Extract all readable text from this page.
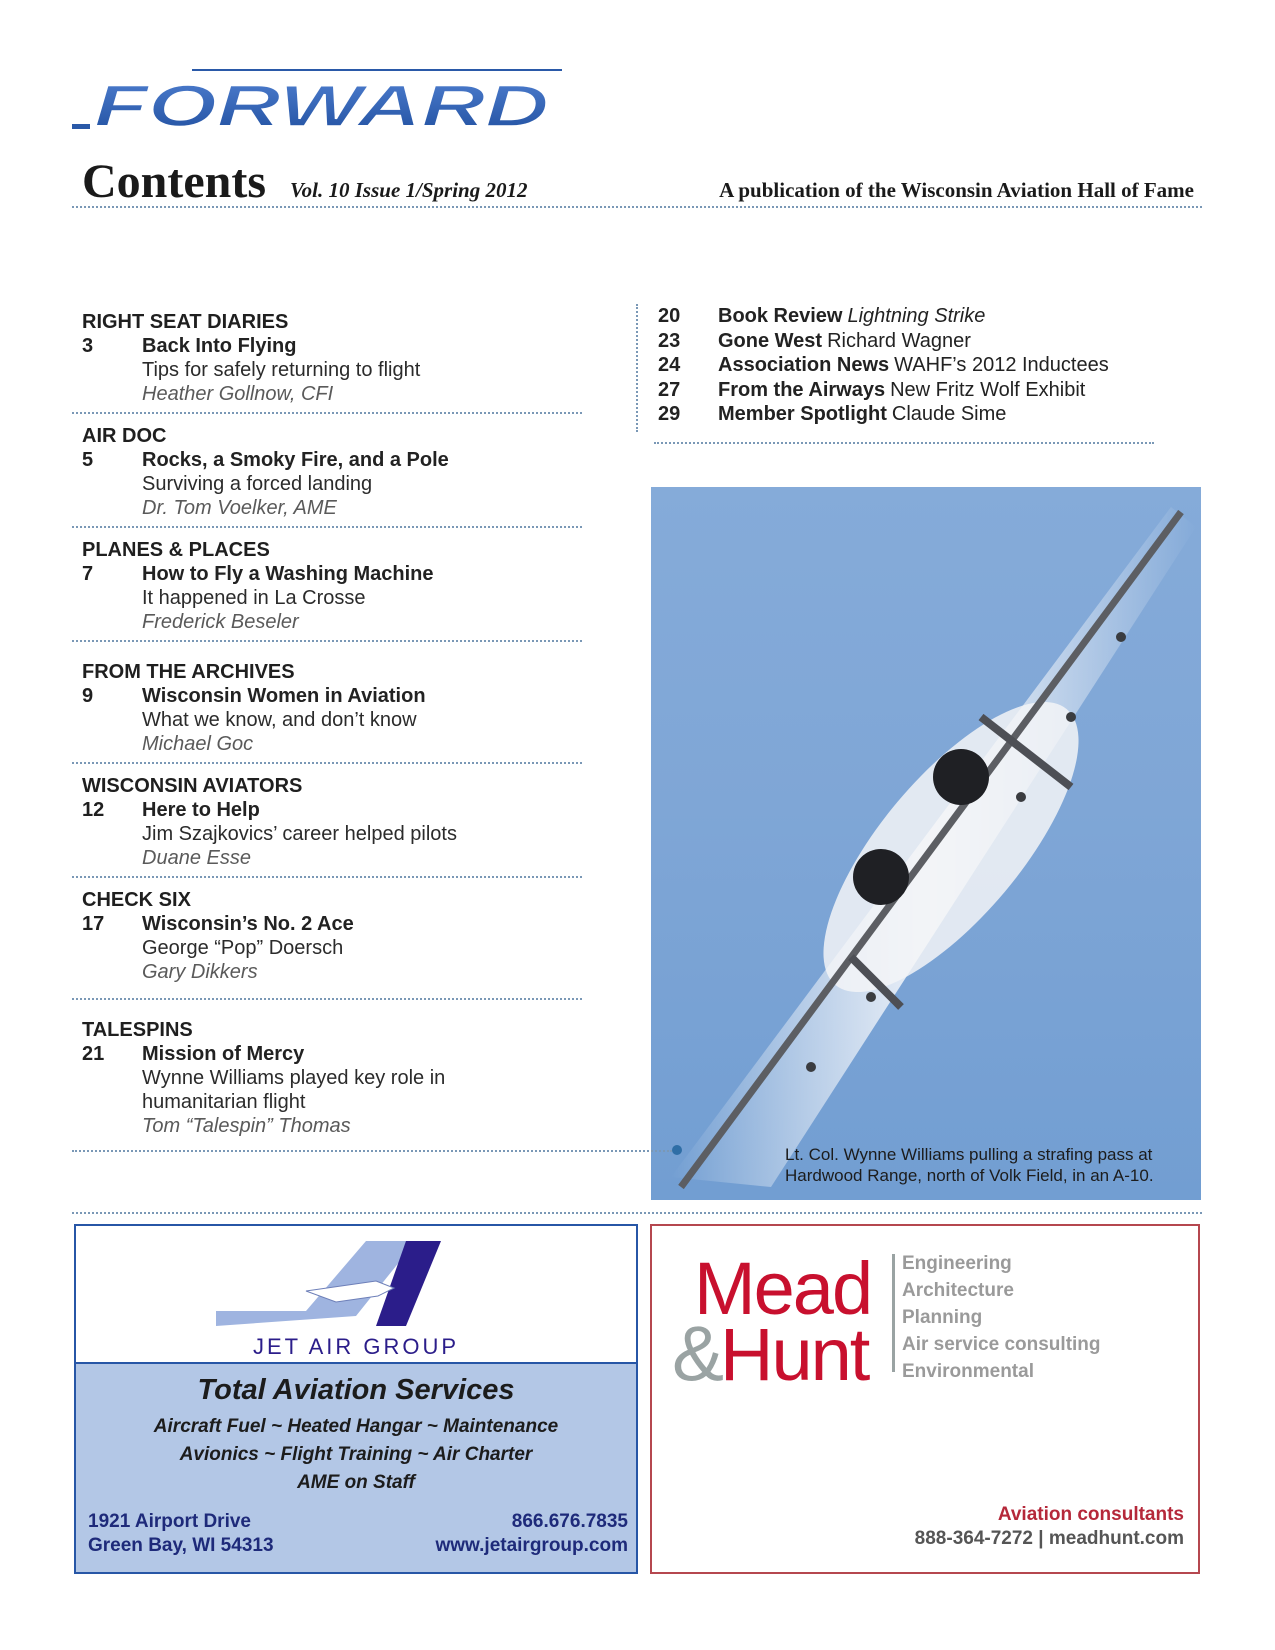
FORWARD
Contents Vol. 10 Issue 1/Spring 2012	A publication of the Wisconsin Aviation Hall of Fame
RIGHT SEAT DIARIES
3	Back Into Flying
Tips for safely returning to flight
Heather Gollnow, CFI
AIR DOC
5	Rocks, a Smoky Fire, and a Pole
Surviving a forced landing
Dr. Tom Voelker, AME
PLANES & PLACES
7	How to Fly a Washing Machine
It happened in La Crosse
Frederick Beseler
FROM THE ARCHIVES
9	Wisconsin Women in Aviation
What we know, and don’t know
Michael Goc
WISCONSIN AVIATORS
12	Here to Help
Jim Szajkovics’ career helped pilots
Duane Esse
CHECK SIX
17	Wisconsin’s No. 2 Ace
George “Pop” Doersch
Gary Dikkers
TALESPINS
21	Mission of Mercy
Wynne Williams played key role in humanitarian flight
Tom “Talespin” Thomas
20	Book Review Lightning Strike
23	Gone West Richard Wagner
24	Association News WAHF’s 2012 Inductees
27	From the Airways New Fritz Wolf Exhibit
29	Member Spotlight Claude Sime
Lt. Col. Wynne Williams pulling a strafing pass at
Hardwood Range, north of Volk Field, in an A-10.
JET AIR GROUP
Total Aviation Services
Aircraft Fuel ~ Heated Hangar ~ Maintenance
Avionics ~ Flight Training ~ Air Charter
AME on Staff
1921 Airport Drive
Green Bay, WI 54313
866.676.7835
www.jetairgroup.com
Mead
&
Hunt
Engineering
Architecture
Planning
Air service consulting
Environmental
Aviation consultants
888-364-7272 | meadhunt.com
